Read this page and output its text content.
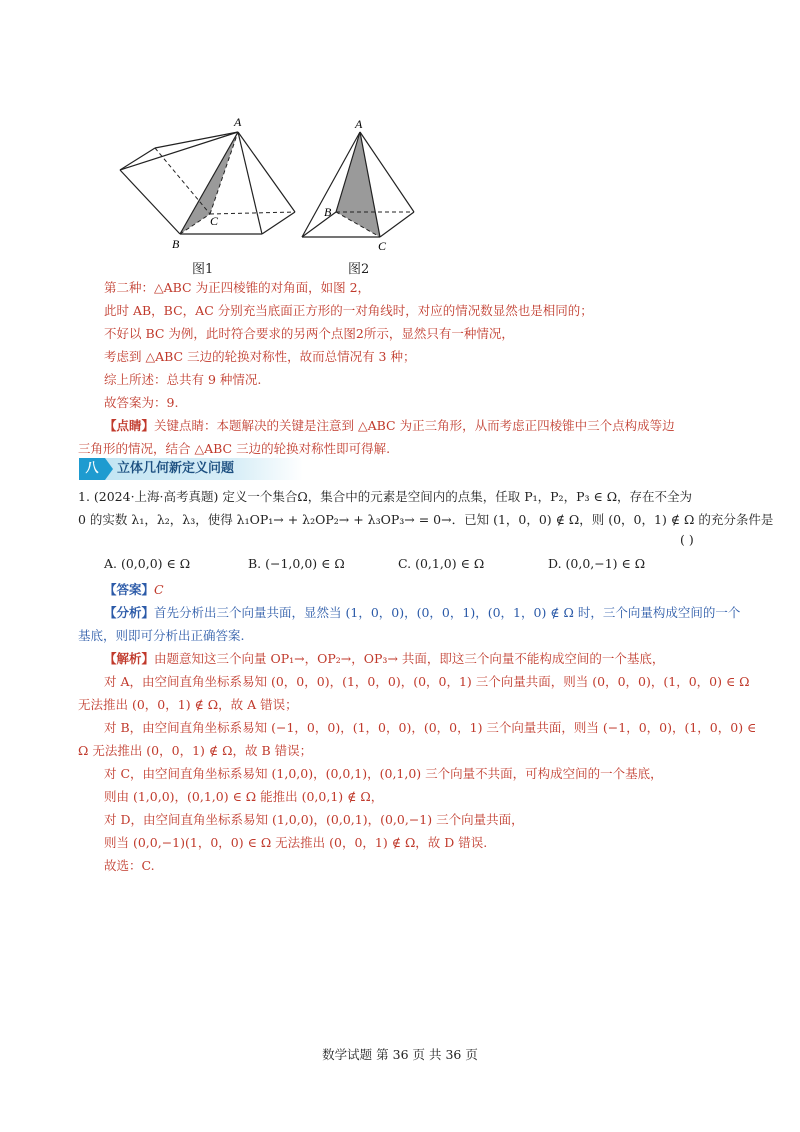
A
B
C
图1
A
B
C
图2
第二种：△ABC 为正四棱锥的对角面，如图 2，
此时 AB，BC，AC 分别充当底面正方形的一对角线时，对应的情况数显然也是相同的；
不好以 BC 为例，此时符合要求的另两个点图2所示，显然只有一种情况，
考虑到 △ABC 三边的轮换对称性，故而总情况有 3 种；
综上所述：总共有 9 种情况.
故答案为：9.
【点睛】关键点睛：本题解决的关键是注意到 △ABC 为正三角形，从而考虑正四棱锥中三个点构成等边
三角形的情况，结合 △ABC 三边的轮换对称性即可得解.
八	立体几何新定义问题
1. (2024·上海·高考真题) 定义一个集合Ω，集合中的元素是空间内的点集，任取 P₁，P₂，P₃ ∈ Ω，存在不全为
0 的实数 λ₁，λ₂，λ₃，使得 λ₁OP₁→ + λ₂OP₂→ + λ₃OP₃→ = 0→．已知 (1，0，0) ∉ Ω，则 (0，0，1) ∉ Ω 的充分条件是
( )
A. (0,0,0) ∈ Ω	B. (−1,0,0) ∈ Ω	C. (0,1,0) ∈ Ω	D. (0,0,−1) ∈ Ω
【答案】C
【分析】首先分析出三个向量共面，显然当 (1，0，0)，(0，0，1)，(0，1，0) ∉ Ω 时，三个向量构成空间的一个
基底，则即可分析出正确答案.
【解析】由题意知这三个向量 OP₁→，OP₂→，OP₃→ 共面，即这三个向量不能构成空间的一个基底，
对 A，由空间直角坐标系易知 (0，0，0)，(1，0，0)，(0，0，1) 三个向量共面，则当 (0，0，0)，(1，0，0) ∈ Ω
无法推出 (0，0，1) ∉ Ω，故 A 错误；
对 B，由空间直角坐标系易知 (−1，0，0)，(1，0，0)，(0，0，1) 三个向量共面，则当 (−1，0，0)，(1，0，0) ∈
Ω 无法推出 (0，0，1) ∉ Ω，故 B 错误；
对 C，由空间直角坐标系易知 (1,0,0)，(0,0,1)，(0,1,0) 三个向量不共面，可构成空间的一个基底，
则由 (1,0,0)，(0,1,0) ∈ Ω 能推出 (0,0,1) ∉ Ω，
对 D，由空间直角坐标系易知 (1,0,0)，(0,0,1)，(0,0,−1) 三个向量共面，
则当 (0,0,−1)(1，0，0) ∈ Ω 无法推出 (0，0，1) ∉ Ω，故 D 错误.
故选：C.
数学试题 第 36 页 共 36 页
